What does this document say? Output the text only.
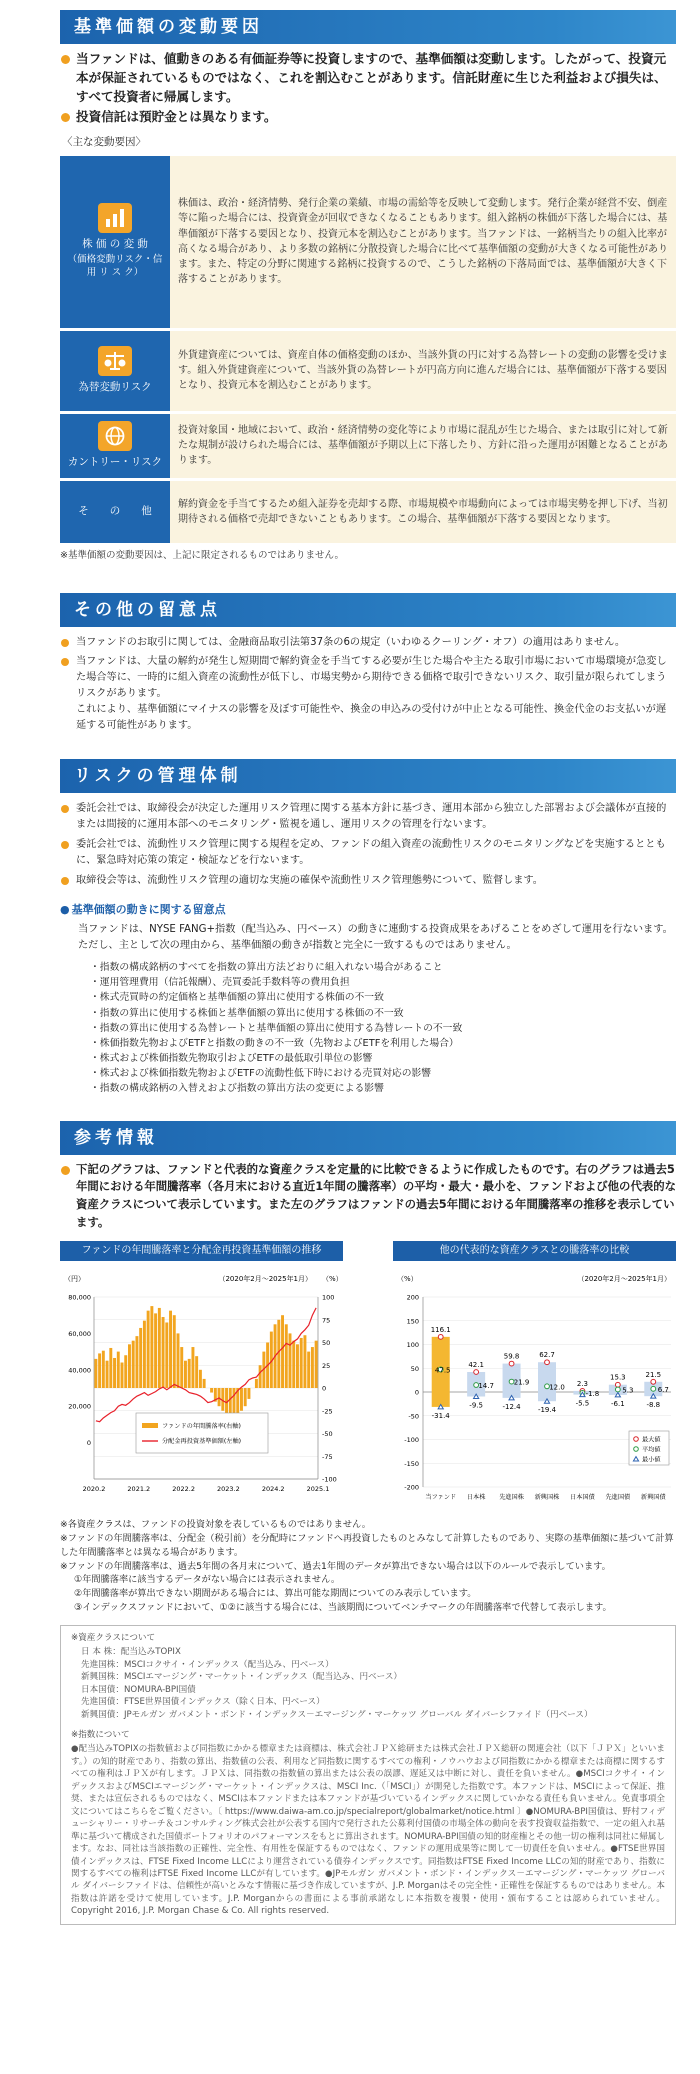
基準価額の変動要因
当ファンドは、値動きのある有価証券等に投資しますので、基準価額は変動します。したがって、投資元本が保証されているものではなく、これを割込むことがあります。信託財産に生じた利益および損失は、すべて投資者に帰属します。
投資信託は預貯金とは異なります。
〈主な変動要因〉
株 価 の 変 動
（価格変動リスク・信 用 リ ス ク）	株価は、政治・経済情勢、発行企業の業績、市場の需給等を反映して変動します。発行企業が経営不安、倒産等に陥った場合には、投資資金が回収できなくなることもあります。組入銘柄の株価が下落した場合には、基準価額が下落する要因となり、投資元本を割込むことがあります。当ファンドは、一銘柄当たりの組入比率が高くなる場合があり、より多数の銘柄に分散投資した場合に比べて基準価額の変動が大きくなる可能性があります。また、特定の分野に関連する銘柄に投資するので、こうした銘柄の下落局面では、基準価額が大きく下落することがあります。

為替変動リスク	外貨建資産については、資産自体の価格変動のほか、当該外貨の円に対する為替レートの変動の影響を受けます。組入外貨建資産について、当該外貨の為替レートが円高方向に進んだ場合には、基準価額が下落する要因となり、投資元本を割込むことがあります。

カントリー・リスク	投資対象国・地域において、政治・経済情勢の変化等により市場に混乱が生じた場合、または取引に対して新たな規制が設けられた場合には、基準価額が予期以上に下落したり、方針に沿った運用が困難となることがあります。

そ　　の　　他	解約資金を手当てするため組入証券を売却する際、市場規模や市場動向によっては市場実勢を押し下げ、当初期待される価格で売却できないこともあります。この場合、基準価額が下落する要因となります。
※基準価額の変動要因は、上記に限定されるものではありません。
その他の留意点
当ファンドのお取引に関しては、金融商品取引法第37条の6の規定（いわゆるクーリング・オフ）の適用はありません。
当ファンドは、大量の解約が発生し短期間で解約資金を手当てする必要が生じた場合や主たる取引市場において市場環境が急変した場合等に、一時的に組入資産の流動性が低下し、市場実勢から期待できる価格で取引できないリスク、取引量が限られてしまうリスクがあります。
これにより、基準価額にマイナスの影響を及ぼす可能性や、換金の申込みの受付けが中止となる可能性、換金代金のお支払いが遅延する可能性があります。
リスクの管理体制
委託会社では、取締役会が決定した運用リスク管理に関する基本方針に基づき、運用本部から独立した部署および会議体が直接的または間接的に運用本部へのモニタリング・監視を通し、運用リスクの管理を行ないます。
委託会社では、流動性リスク管理に関する規程を定め、ファンドの組入資産の流動性リスクのモニタリングなどを実施するとともに、緊急時対応策の策定・検証などを行ないます。
取締役会等は、流動性リスク管理の適切な実施の確保や流動性リスク管理態勢について、監督します。
● 基準価額の動きに関する留意点
当ファンドは、NYSE FANG+指数（配当込み、円ベース）の動きに連動する投資成果をあげることをめざして運用を行ないます。ただし、主として次の理由から、基準価額の動きが指数と完全に一致するものではありません。
・ 指数の構成銘柄のすべてを指数の算出方法どおりに組入れない場合があること
・ 運用管理費用（信託報酬）、売買委託手数料等の費用負担
・ 株式売買時の約定価格と基準価額の算出に使用する株価の不一致
・ 指数の算出に使用する株価と基準価額の算出に使用する株価の不一致
・ 指数の算出に使用する為替レートと基準価額の算出に使用する為替レートの不一致
・ 株価指数先物およびETFと指数の動きの不一致（先物およびETFを利用した場合）
・ 株式および株価指数先物取引およびETFの最低取引単位の影響
・ 株式および株価指数先物およびETFの流動性低下時における売買対応の影響
・ 指数の構成銘柄の入替えおよび指数の算出方法の変更による影響
参考情報
下記のグラフは、ファンドと代表的な資産クラスを定量的に比較できるように作成したものです。右のグラフは過去5年間における年間騰落率（各月末における直近1年間の騰落率）の平均・最大・最小を、ファンドおよび他の代表的な資産クラスについて表示しています。また左のグラフはファンドの過去5年間における年間騰落率の推移を表示しています。
ファンドの年間騰落率と分配金再投資基準価額の推移
（円）	（%）
（2020年2月～2025年1月）
100
75
50
25
0
-25
-50
-75
-100
80,000
60,000
40,000
20,000
0
2020.2	2021.2	2022.2	2023.2	2024.2	2025.1
ファンドの年間騰落率(右軸)
分配金再投資基準価額(左軸)
他の代表的な資産クラスとの騰落率の比較
（%）	（2020年2月～2025年1月）
200
150
100
50
0
-50
-100
-150
-200
116.1
47.5
-31.4
当ファンド
42.1
14.7
-9.5
日本株
59.8
21.9
-12.4
先進国株
62.7
12.0
-19.4
新興国株
2.3
-1.8
-5.5
日本国債
15.3
5.3
-6.1
先進国債
21.5
6.7
-8.8
新興国債
最大値
平均値
最小値
※各資産クラスは、ファンドの投資対象を表しているものではありません。
※ファンドの年間騰落率は、分配金（税引前）を分配時にファンドへ再投資したものとみなして計算したものであり、実際の基準価額に基づいて計算した年間騰落率とは異なる場合があります。
※ファンドの年間騰落率は、過去5年間の各月末について、過去1年間のデータが算出できない場合は以下のルールで表示しています。
①年間騰落率に該当するデータがない場合には表示されません。
②年間騰落率が算出できない期間がある場合には、算出可能な期間についてのみ表示しています。
③インデックスファンドにおいて、①②に該当する場合には、当該期間についてベンチマークの年間騰落率で代替して表示します。
※資産クラスについて
日 本 株：配当込みTOPIX
先進国株：MSCIコクサイ・インデックス（配当込み、円ベース）
新興国株：MSCIエマージング・マーケット・インデックス（配当込み、円ベース）
日本国債：NOMURA-BPI国債
先進国債：FTSE世界国債インデックス（除く日本、円ベース）
新興国債：JPモルガン ガバメント・ボンド・インデックス－エマージング・マーケッツ グローバル ダイバーシファイド（円ベース）
※指数について
●配当込みTOPIXの指数値および同指数にかかる標章または商標は、株式会社ＪＰＸ総研または株式会社ＪＰＸ総研の関連会社（以下「ＪＰＸ」といいます。）の知的財産であり、指数の算出、指数値の公表、利用など同指数に関するすべての権利・ノウハウおよび同指数にかかる標章または商標に関するすべての権利はＪＰＸが有します。ＪＰＸは、同指数の指数値の算出または公表の誤謬、遅延又は中断に対し、責任を負いません。●MSCIコクサイ・インデックスおよびMSCIエマージング・マーケット・インデックスは、MSCI Inc.（「MSCI」）が開発した指数です。本ファンドは、MSCIによって保証、推奨、または宣伝されるものではなく、MSCIは本ファンドまたは本ファンドが基づいているインデックスに関していかなる責任も負いません。免責事項全文についてはこちらをご覧ください。〔 https://www.daiwa-am.co.jp/specialreport/globalmarket/notice.html 〕●NOMURA-BPI国債は、野村フィデューシャリー・リサーチ＆コンサルティング株式会社が公表する国内で発行された公募利付国債の市場全体の動向を表す投資収益指数で、一定の組入れ基準に基づいて構成された国債ポートフォリオのパフォーマンスをもとに算出されます。NOMURA-BPI国債の知的財産権とその他一切の権利は同社に帰属します。なお、同社は当該指数の正確性、完全性、有用性を保証するものではなく、ファンドの運用成果等に関して一切責任を負いません。●FTSE世界国債インデックスは、FTSE Fixed Income LLCにより運営されている債券インデックスです。同指数はFTSE Fixed Income LLCの知的財産であり、指数に関するすべての権利はFTSE Fixed Income LLCが有しています。●JPモルガン ガバメント・ボンド・インデックス－エマージング・マーケッツ グローバル ダイバーシファイドは、信頼性が高いとみなす情報に基づき作成していますが、J.P. Morganはその完全性・正確性を保証するものではありません。本指数は許諾を受けて使用しています。J.P. Morganからの書面による事前承諾なしに本指数を複製・使用・頒布することは認められていません。Copyright 2016, J.P. Morgan Chase & Co. All rights reserved.
